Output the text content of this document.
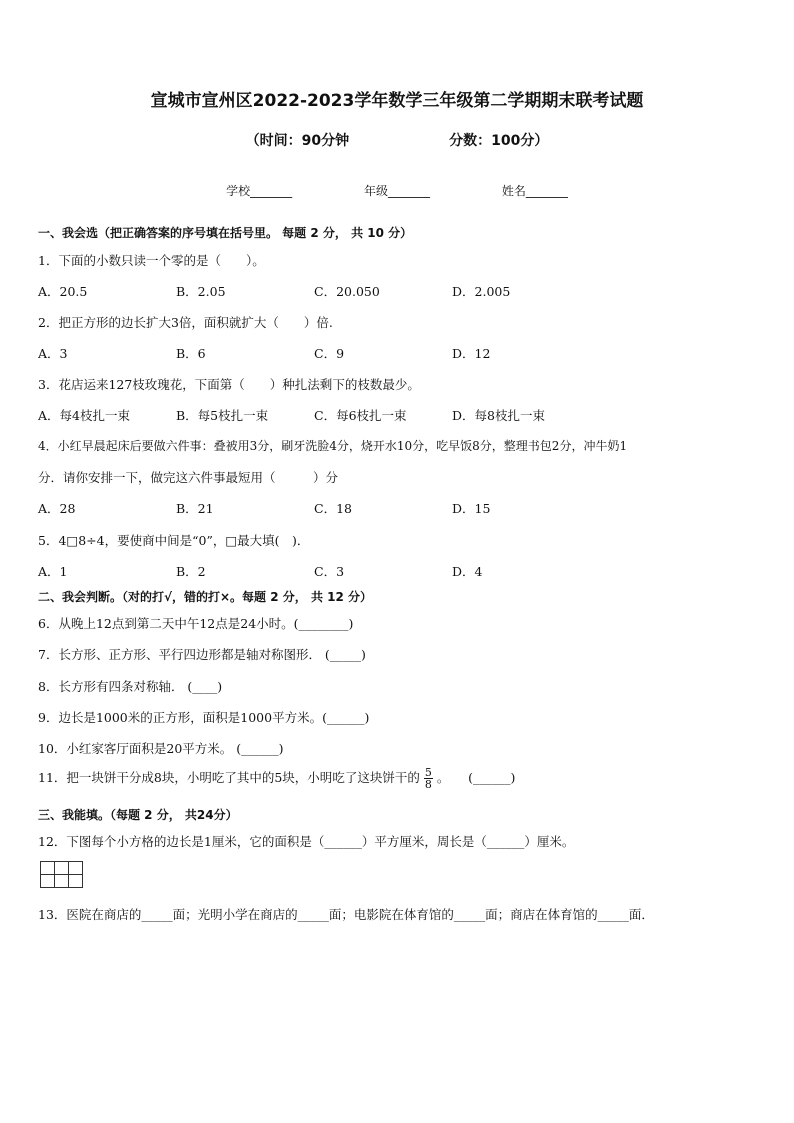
宣城市宣州区2022-2023学年数学三年级第二学期期末联考试题
（时间：90分钟	分数：100分）
学校_______	年级_______	姓名_______
一、我会选（把正确答案的序号填在括号里。 每题 2 分， 共 10 分）
1．下面的小数只读一个零的是（　　）。
A．20.5	B．2.05	C．20.050	D．2.005
2．把正方形的边长扩大3倍，面积就扩大（　　）倍.
A．3	B．6	C．9	D．12
3．花店运来127枝玫瑰花，下面第（　　）种扎法剩下的枝数最少。
A．每4枝扎一束	B．每5枝扎一束	C．每6枝扎一束	D．每8枝扎一束
4．小红早晨起床后要做六件事：叠被用3分，刷牙洗脸4分，烧开水10分，吃早饭8分，整理书包2分，冲牛奶1
分．请你安排一下，做完这六件事最短用（　　　）分
A．28	B．21	C．18	D．15
5．4□8÷4，要使商中间是“0”，□最大填(　)．
A．1	B．2	C．3	D．4
二、我会判断。（对的打√，错的打×。每题 2 分， 共 12 分）
6．从晚上12点到第二天中午12点是24小时。(________)
7．长方形、正方形、平行四边形都是轴对称图形． (_____)
8．长方形有四条对称轴． (____)
9．边长是1000米的正方形，面积是1000平方米。(______)
10．小红家客厅面积是20平方米。 (______)
11．把一块饼干分成8块，小明吃了其中的5块，小明吃了这块饼干的 $\frac{5}{8}$ 。　　(______)
三、我能填。（每题 2 分， 共24分）
12．下图每个小方格的边长是1厘米，它的面积是（______）平方厘米，周长是（______）厘米。
13．医院在商店的_____面；光明小学在商店的_____面；电影院在体育馆的_____面；商店在体育馆的_____面．
